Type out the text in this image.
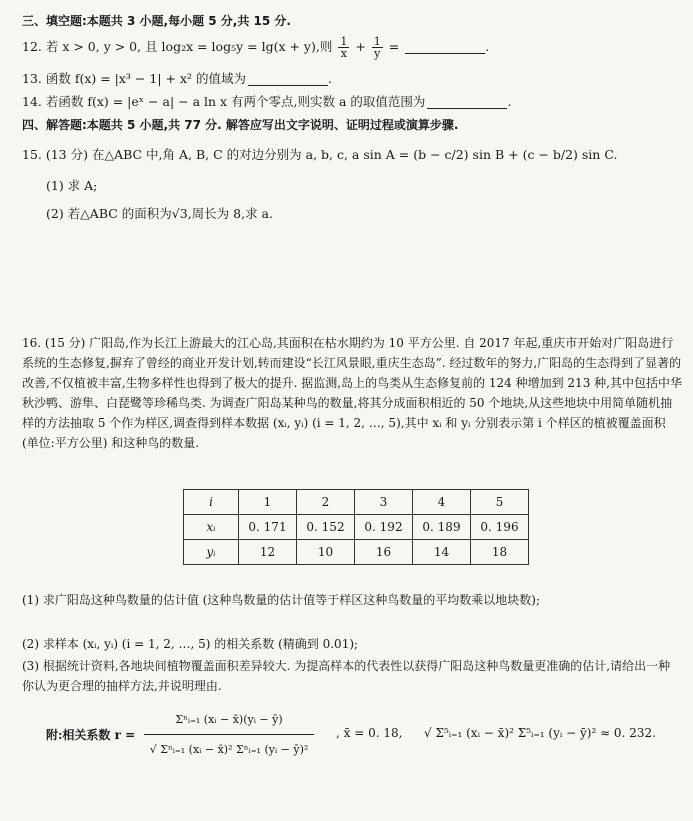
三、填空题:本题共 3 小题,每小题 5 分,共 15 分.
12. 若 x > 0, y > 0, 且 log₂x = log₅y = lg(x + y),则 $\frac{1}{x} + \frac{1}{y}$ =	.
13. 函数 f(x) = |x³ − 1| + x² 的值域为	.
14. 若函数 f(x) = |eˣ − a| − a ln x 有两个零点,则实数 a 的取值范围为	.
四、解答题:本题共 5 小题,共 77 分. 解答应写出文字说明、证明过程或演算步骤.
15. (13 分) 在△ABC 中,角 A, B, C 的对边分别为 a, b, c, a sin A = (b − c/2) sin B + (c − b/2) sin C.
(1) 求 A;
(2) 若△ABC 的面积为√3,周长为 8,求 a.
16. (15 分) 广阳岛,作为长江上游最大的江心岛,其面积在枯水期约为 10 平方公里. 自 2017 年起,重庆市开始对广阳岛进行系统的生态修复,摒弃了曾经的商业开发计划,转而建设“长江风景眼,重庆生态岛”. 经过数年的努力,广阳岛的生态得到了显著的改善,不仅植被丰富,生物多样性也得到了极大的提升. 据监测,岛上的鸟类从生态修复前的 124 种增加到 213 种,其中包括中华秋沙鸭、游隼、白琵鹭等珍稀鸟类. 为调查广阳岛某种鸟的数量,将其分成面积相近的 50 个地块,从这些地块中用简单随机抽样的方法抽取 5 个作为样区,调查得到样本数据 (xᵢ, yᵢ) (i = 1, 2, …, 5),其中 xᵢ 和 yᵢ 分别表示第 i 个样区的植被覆盖面积 (单位:平方公里) 和这种鸟的数量.
i	1	2	3	4	5
xᵢ	0. 171	0. 152	0. 192	0. 189	0. 196
yᵢ	12	10	16	14	18
(1) 求广阳岛这种鸟数量的估计值 (这种鸟数量的估计值等于样区这种鸟数量的平均数乘以地块数);
(2) 求样本 (xᵢ, yᵢ) (i = 1, 2, …, 5) 的相关系数 (精确到 0.01);
(3) 根据统计资料,各地块间植物覆盖面积差异较大. 为提高样本的代表性以获得广阳岛这种鸟数量更准确的估计,请给出一种你认为更合理的抽样方法,并说明理由.
附:相关系数 r =
Σⁿᵢ₌₁ (xᵢ − x̄)(yᵢ − ȳ)
√ Σⁿᵢ₌₁ (xᵢ − x̄)² Σⁿᵢ₌₁ (yᵢ − ȳ)²
, x̄ = 0. 18, √ Σ⁵ᵢ₌₁ (xᵢ − x̄)² Σ⁵ᵢ₌₁ (yᵢ − ȳ)² ≈ 0. 232.
